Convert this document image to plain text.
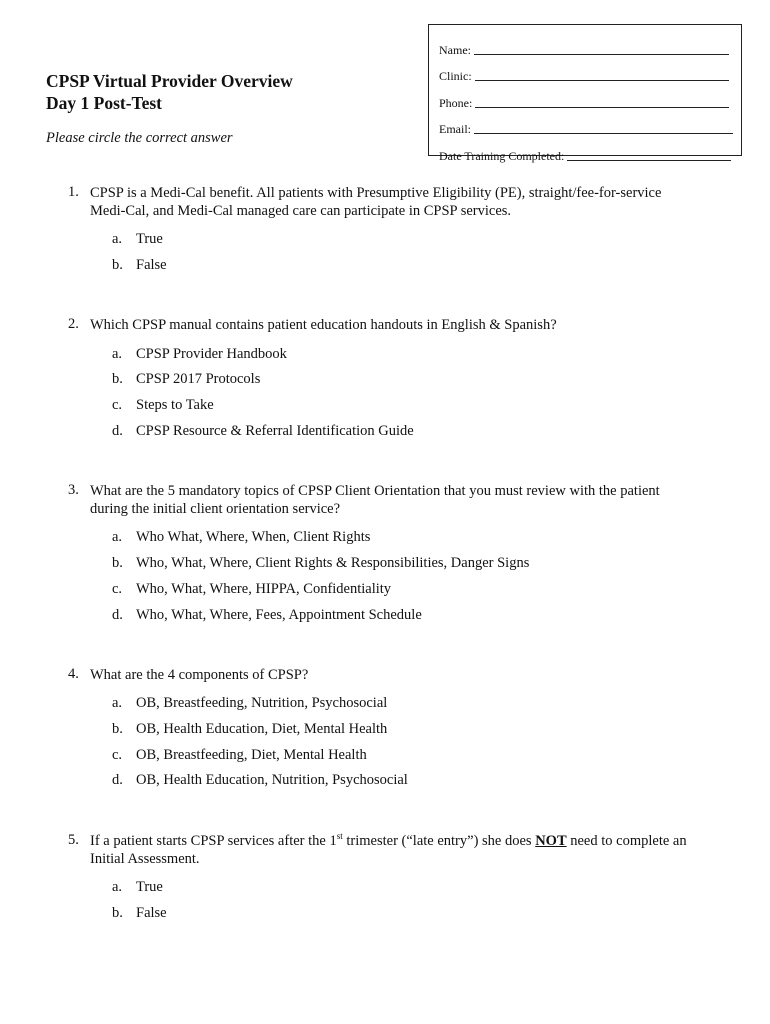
Name:
Clinic:
Phone:
Email:
Date Training Completed:
CPSP Virtual Provider Overview
Day 1 Post-Test
Please circle the correct answer
1. CPSP is a Medi-Cal benefit. All patients with Presumptive Eligibility (PE), straight/fee-for-service Medi-Cal, and Medi-Cal managed care can participate in CPSP services.
a. True
b. False
2. Which CPSP manual contains patient education handouts in English & Spanish?
a. CPSP Provider Handbook
b. CPSP 2017 Protocols
c. Steps to Take
d. CPSP Resource & Referral Identification Guide
3. What are the 5 mandatory topics of CPSP Client Orientation that you must review with the patient during the initial client orientation service?
a. Who What, Where, When, Client Rights
b. Who, What, Where, Client Rights & Responsibilities, Danger Signs
c. Who, What, Where, HIPPA, Confidentiality
d. Who, What, Where, Fees, Appointment Schedule
4. What are the 4 components of CPSP?
a. OB, Breastfeeding, Nutrition, Psychosocial
b. OB, Health Education, Diet, Mental Health
c. OB, Breastfeeding, Diet, Mental Health
d. OB, Health Education, Nutrition, Psychosocial
5. If a patient starts CPSP services after the 1st trimester (“late entry”) she does NOT need to complete an Initial Assessment.
a. True
b. False
